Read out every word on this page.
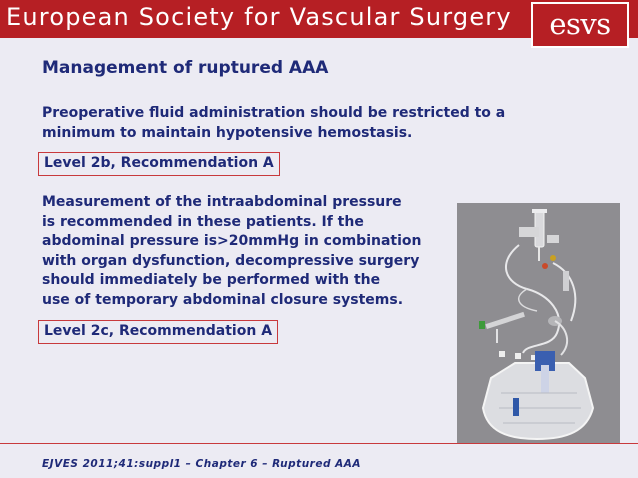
European Society for Vascular Surgery	esvs
Management of ruptured AAA
Preoperative fluid administration should be restricted to a
minimum to maintain hypotensive hemostasis.
Level 2b, Recommendation A
Measurement of the intraabdominal pressure
is recommended in these patients. If the
abdominal pressure is>20mmHg in combination
with organ dysfunction, decompressive surgery
should immediately be performed with the
use of temporary abdominal closure systems.
Level 2c, Recommendation A
EJVES 2011;41:suppl1 – Chapter 6 – Ruptured AAA
